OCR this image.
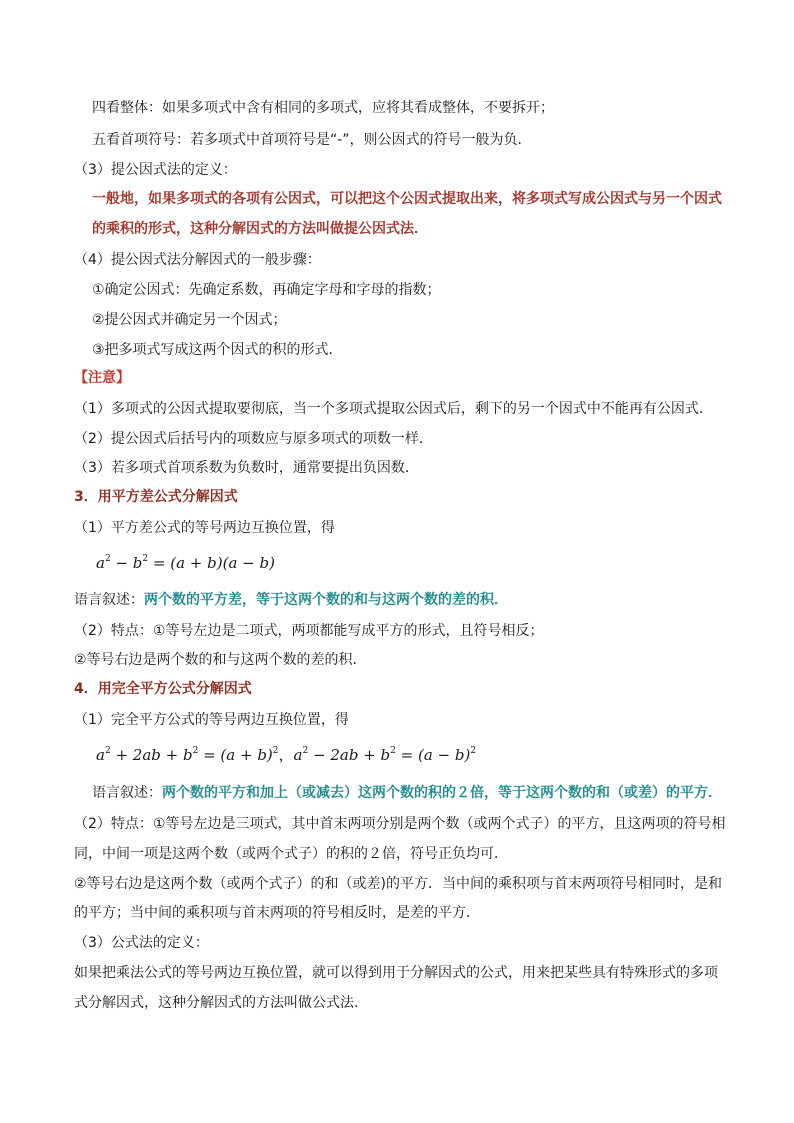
四看整体：如果多项式中含有相同的多项式，应将其看成整体，不要拆开；
五看首项符号：若多项式中首项符号是“-”，则公因式的符号一般为负．
（3）提公因式法的定义：
一般地，如果多项式的各项有公因式，可以把这个公因式提取出来，将多项式写成公因式与另一个因式
的乘积的形式，这种分解因式的方法叫做提公因式法．
（4）提公因式法分解因式的一般步骤：
①确定公因式：先确定系数，再确定字母和字母的指数；
②提公因式并确定另一个因式；
③把多项式写成这两个因式的积的形式．
【注意】
（1）多项式的公因式提取要彻底，当一个多项式提取公因式后，剩下的另一个因式中不能再有公因式．
（2）提公因式后括号内的项数应与原多项式的项数一样．
（3）若多项式首项系数为负数时，通常要提出负因数．
3．用平方差公式分解因式
（1）平方差公式的等号两边互换位置，得
$a^2 - b^2 = (a + b)(a - b)$
语言叙述：两个数的平方差，等于这两个数的和与这两个数的差的积．
（2）特点：①等号左边是二项式，两项都能写成平方的形式，且符号相反；
②等号右边是两个数的和与这两个数的差的积．
4．用完全平方公式分解因式
（1）完全平方公式的等号两边互换位置，得
$a^2 + 2ab + b^2 = (a + b)^2$，$a^2 - 2ab + b^2 = (a - b)^2$
语言叙述：两个数的平方和加上（或减去）这两个数的积的２倍，等于这两个数的和（或差）的平方．
（2）特点：①等号左边是三项式，其中首末两项分别是两个数（或两个式子）的平方，且这两项的符号相
同，中间一项是这两个数（或两个式子）的积的２倍，符号正负均可．
②等号右边是这两个数（或两个式子）的和（或差)的平方．当中间的乘积项与首末两项符号相同时，是和
的平方；当中间的乘积项与首末两项的符号相反时，是差的平方．
（3）公式法的定义：
如果把乘法公式的等号两边互换位置，就可以得到用于分解因式的公式，用来把某些具有特殊形式的多项
式分解因式，这种分解因式的方法叫做公式法．
